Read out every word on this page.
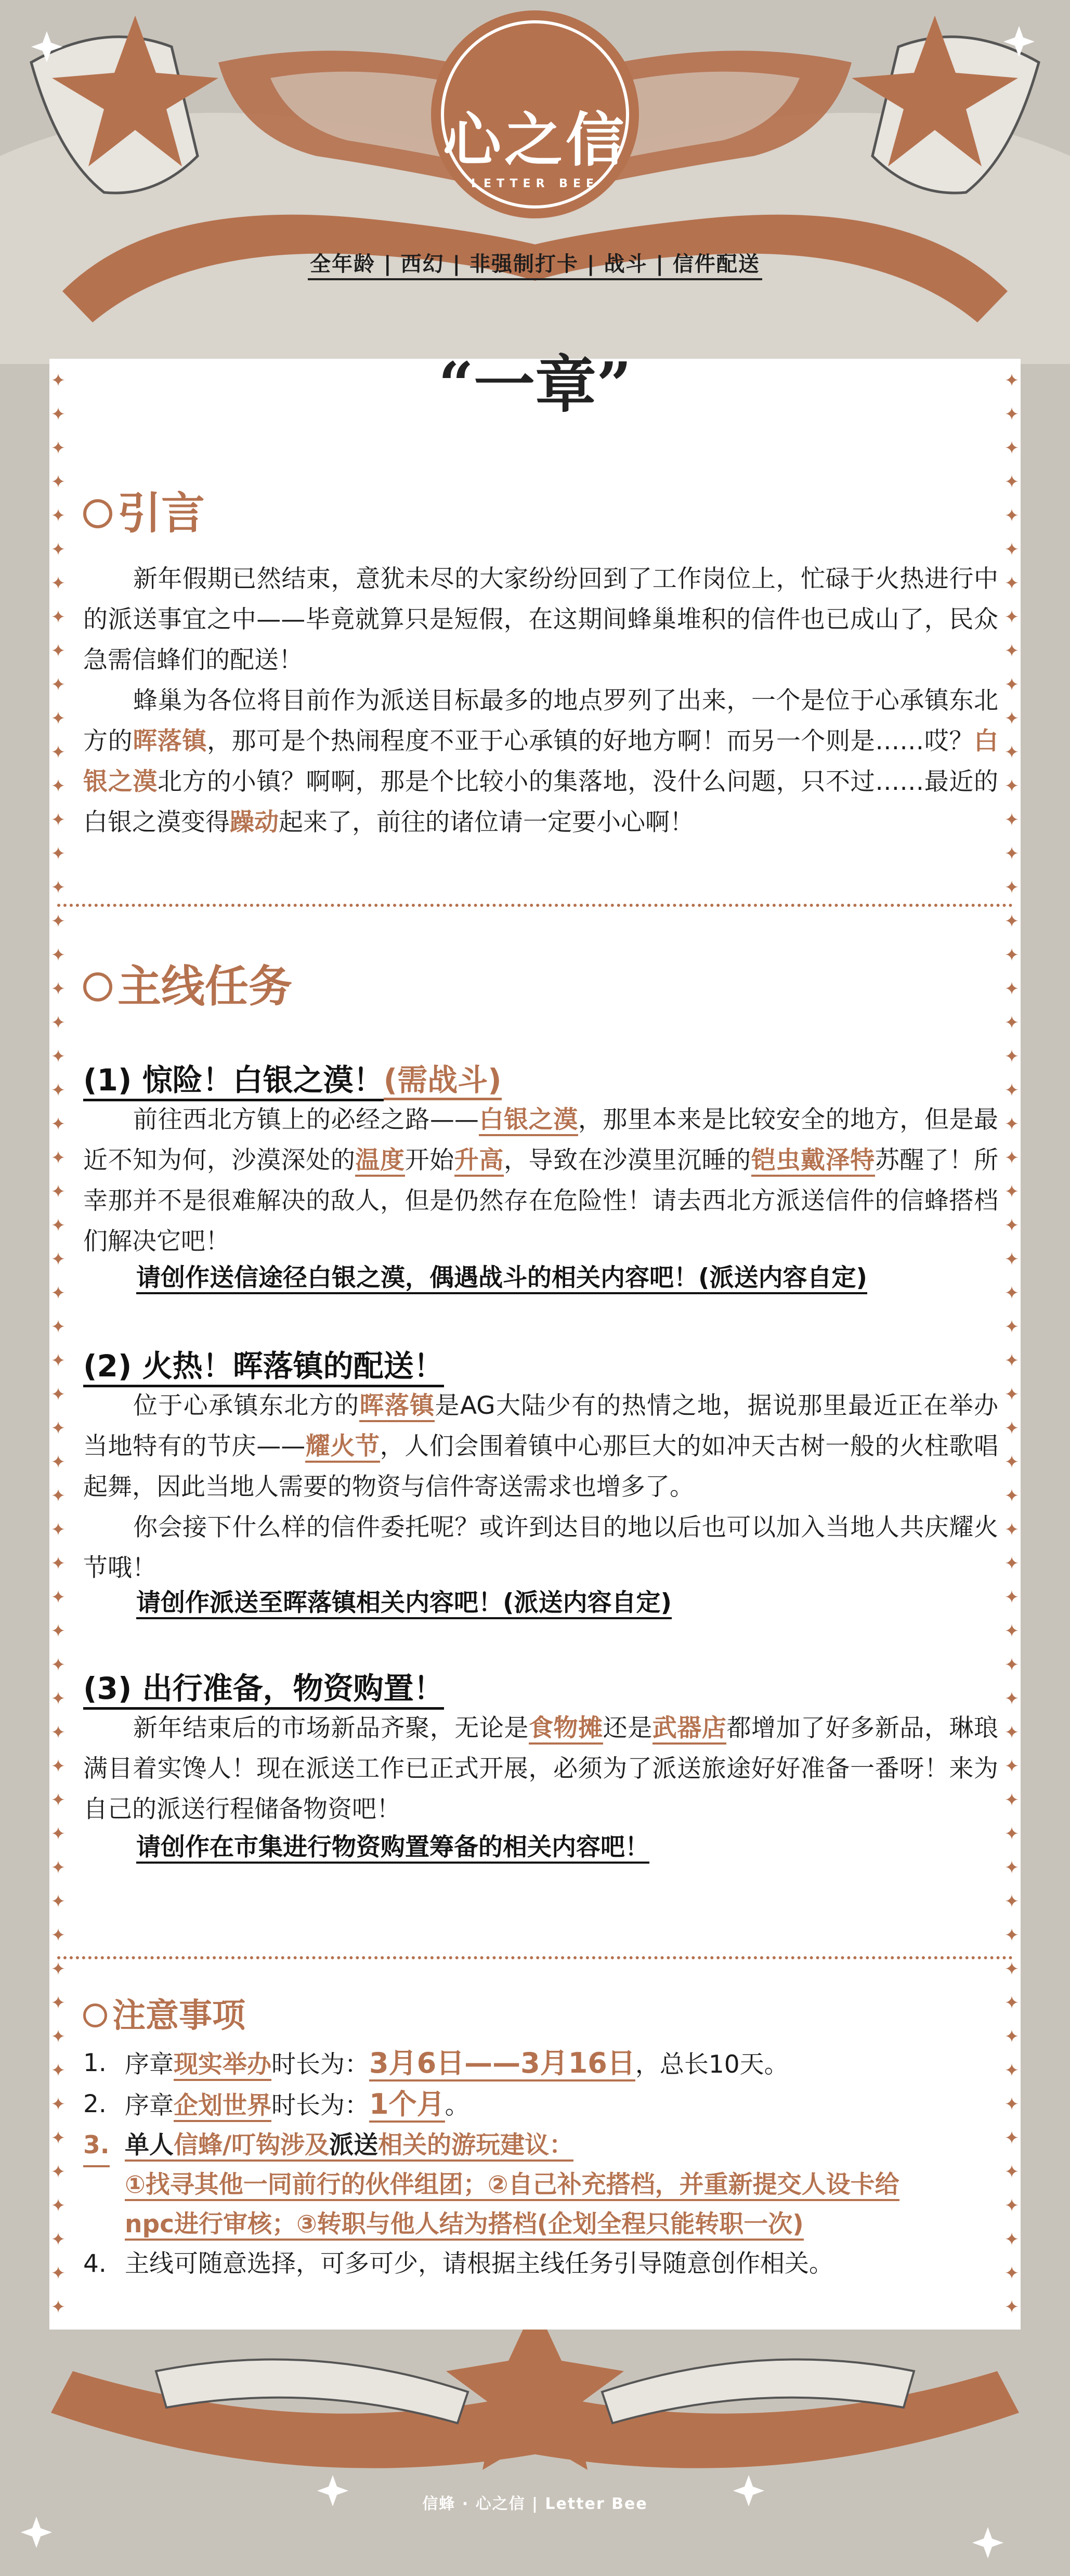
✦
✦
✦
✦
✦
✦
✦
✦
✦
✦
✦
✦
✦
✦
✦
✦
✦
✦
✦
✦
✦
✦
✦
✦
✦
✦
✦
✦
✦
✦
✦
✦
✦
✦
✦
✦
✦
✦
✦
✦
✦
✦
✦
✦
✦
✦
✦
✦
✦
✦
✦
✦
✦
✦
✦
✦
✦
✦
✦
✦
✦
✦
✦
✦
✦
✦
✦
✦
✦
✦
✦
✦
✦
✦
✦
✦
✦
✦
✦
✦
✦
✦
✦
✦
✦
✦
✦
✦
✦
✦
✦
✦
✦
✦
✦
✦
✦
✦
✦
✦
✦
✦
✦
✦
✦
✦
✦
✦
✦
✦
✦
✦
✦
✦
✦
✦
心之信
LETTER BEE
全年龄 | 西幻 | 非强制打卡 | 战斗 | 信件配送
“一章”
引言

新年假期已然结束，意犹未尽的大家纷纷回到了工作岗位上，忙碌于火热进行中的派送事宜之中——毕竟就算只是短假，在这期间蜂巢堆积的信件也已成山了，民众急需信蜂们的配送！

蜂巢为各位将目前作为派送目标最多的地点罗列了出来，一个是位于心承镇东北方的晖落镇，那可是个热闹程度不亚于心承镇的好地方啊！而另一个则是……哎？白银之漠北方的小镇？啊啊，那是个比较小的集落地，没什么问题，只不过……最近的白银之漠变得躁动起来了，前往的诸位请一定要小心啊！

主线任务
(1) 惊险！白银之漠！(需战斗)

前往西北方镇上的必经之路——白银之漠，那里本来是比较安全的地方，但是最近不知为何，沙漠深处的温度开始升高，导致在沙漠里沉睡的铠虫戴泽特苏醒了！所幸那并不是很难解决的敌人，但是仍然存在危险性！请去西北方派送信件的信蜂搭档们解决它吧！

请创作送信途径白银之漠，偶遇战斗的相关内容吧！(派送内容自定)
(2) 火热！晖落镇的配送！

位于心承镇东北方的晖落镇是AG大陆少有的热情之地，据说那里最近正在举办当地特有的节庆——耀火节，人们会围着镇中心那巨大的如冲天古树一般的火柱歌唱起舞，因此当地人需要的物资与信件寄送需求也增多了。

你会接下什么样的信件委托呢？或许到达目的地以后也可以加入当地人共庆耀火节哦！

请创作派送至晖落镇相关内容吧！(派送内容自定)
(3) 出行准备，物资购置！

新年结束后的市场新品齐聚，无论是食物摊还是武器店都增加了好多新品，琳琅满目着实馋人！现在派送工作已正式开展，必须为了派送旅途好好准备一番呀！来为自己的派送行程储备物资吧！

请创作在市集进行物资购置筹备的相关内容吧！
注意事项
1. 序章现实举办时长为：3月6日——3月16日，总长10天。
2. 序章企划世界时长为：1个月。
3. 单人信蜂/叮钩涉及派送相关的游玩建议：
①找寻其他一同前行的伙伴组团；②自己补充搭档，并重新提交人设卡给
npc进行审核；③转职与他人结为搭档(企划全程只能转职一次)
4. 主线可随意选择，可多可少，请根据主线任务引导随意创作相关。
信蜂 · 心之信 | Letter Bee
